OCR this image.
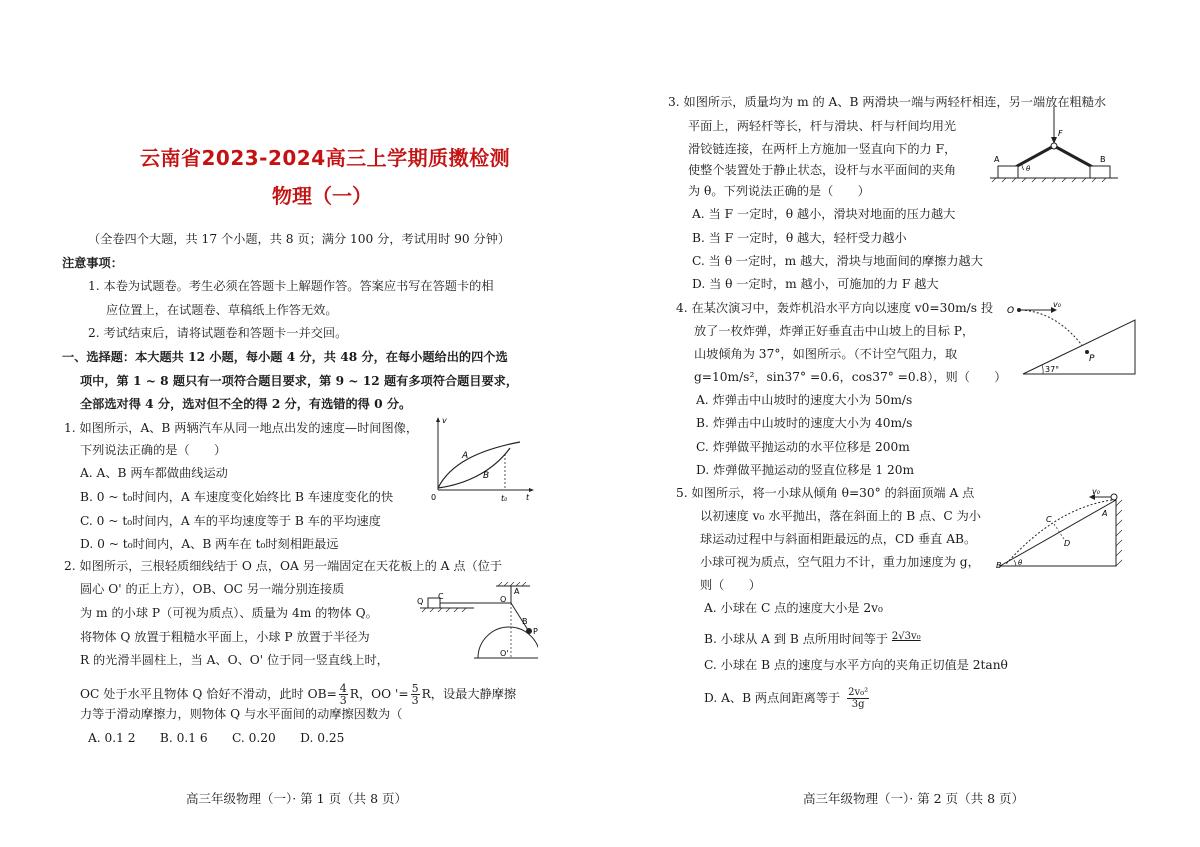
云南省2023-2024高三上学期质擞检测
物理（一）
（全卷四个大题，共 17 个小题，共 8 页；满分 100 分，考试用时 90 分钟）
注意事项：
1. 本卷为试题卷。考生必须在答题卡上解题作答。答案应书写在答题卡的相
应位置上，在试题卷、草稿纸上作答无效。
2. 考试结束后，请将试题卷和答题卡一并交回。
一、选择题：本大题共 12 小题，每小题 4 分，共 48 分，在每小题给出的四个选
项中，第 1 ~ 8 题只有一项符合题目要求，第 9 ~ 12 题有多项符合题目要求，
全部选对得 4 分，选对但不全的得 2 分，有选错的得 0 分。
1. 如图所示，A、B 两辆汽车从同一地点出发的速度—时间图像，
下列说法正确的是（　　）
A. A、B 两车都做曲线运动
B. 0 ~ t₀时间内，A 车速度变化始终比 B 车速度变化的快
C. 0 ~ t₀时间内，A 车的平均速度等于 B 车的平均速度
D. 0 ~ t₀时间内，A、B 两车在 t₀时刻相距最远
v
0	t₀ t
A
B
2. 如图所示，三根轻质细线结于 O 点，OA 另一端固定在天花板上的 A 点（位于
圆心 O' 的正上方），OB、OC 另一端分别连接质
为 m 的小球 P（可视为质点）、质量为 4m 的物体 Q。
将物体 Q 放置于粗糙水平面上，小球 P 放置于半径为
R 的光滑半圆柱上，当 A、O、O' 位于同一竖直线上时，
OC 处于水平且物体 Q 恰好不滑动，此时 $OB= \frac{4}{3}$ R，OO '= $\frac{5}{3}$ R，设最大静摩擦
力等于滑动摩擦力，则物体 Q 与水平面间的动摩擦因数为（
A. 0.1 2　　B. 0.1 6　　C. 0.20　　D. 0.25
Q
C	O
A
B
P
O'
高三年级物理（一）· 第 1 页（共 8 页）
3. 如图所示，质量均为 m 的 A、B 两滑块一端与两轻杆相连，另一端放在粗糙水
平面上，两轻杆等长，杆与滑块、杆与杆间均用光
滑铰链连接，在两杆上方施加一竖直向下的力 F，
使整个装置处于静止状态，设杆与水平面间的夹角
为 θ。下列说法正确的是（　　）
A. 当 F 一定时，θ 越小，滑块对地面的压力越大
B. 当 F 一定时，θ 越大，轻杆受力越小
C. 当 θ 一定时，m 越大，滑块与地面间的摩擦力越大
D. 当 θ 一定时，m 越小，可施加的力 F 越大
F
A	B
θ
4. 在某次演习中，轰炸机沿水平方向以速度 v0=30m/s 投
放了一枚炸弹，炸弹正好垂直击中山坡上的目标 P，
山坡倾角为 37°，如图所示。（不计空气阻力，取
g=10m/s²，sin37° =0.6，cos37° =0.8），则（　　）
A. 炸弹击中山坡时的速度大小为 50m/s
B. 炸弹击中山坡时的速度大小为 40m/s
C. 炸弹做平抛运动的水平位移是 200m
D. 炸弹做平抛运动的竖直位移是 1 20m
O
v₀
P
37°
5. 如图所示，将一小球从倾角 θ=30° 的斜面顶端 A 点
以初速度 v₀ 水平抛出，落在斜面上的 B 点、C 为小
球运动过程中与斜面相距最远的点，CD 垂直 AB。
小球可视为质点，空气阻力不计，重力加速度为 g，
则（　　）
A. 小球在 C 点的速度大小是 2v₀
B. 小球从 A 到 B 点所用时间等于 $^{2√3v_0}$
C. 小球在 B 点的速度与水平方向的夹角正切值是 2tanθ
D. A、B 两点间距离等于 $\frac{\text{2v₀²}}{3g}$
v₀
A
C
D
B θ
高三年级物理（一）· 第 2 页（共 8 页）
